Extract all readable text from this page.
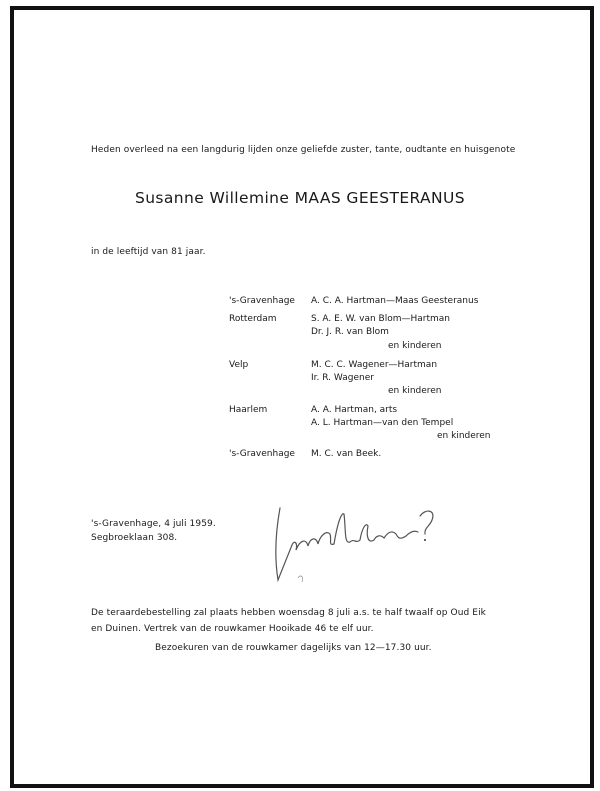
Heden overleed na een langdurig lijden onze geliefde zuster, tante, oudtante en huisgenote
Susanne Willemine MAAS GEESTERANUS
in de leeftijd van 81 jaar.
's-Gravenhage A. C. A. Hartman—Maas Geesteranus
Rotterdam	S. A. E. W. van Blom—Hartman
Dr. J. R. van Blom
en kinderen
Velp	M. C. C. Wagener—Hartman
Ir. R. Wagener
en kinderen
Haarlem	A. A. Hartman, arts
A. L. Hartman—van den Tempel
en kinderen
's-Gravenhage M. C. van Beek.
's-Gravenhage, 4 juli 1959.
Segbroeklaan 308.
De teraardebestelling zal plaats hebben woensdag 8 juli a.s. te half twaalf op Oud Eik
en Duinen. Vertrek van de rouwkamer Hooikade 46 te elf uur.
Bezoekuren van de rouwkamer dagelijks van 12—17.30 uur.
